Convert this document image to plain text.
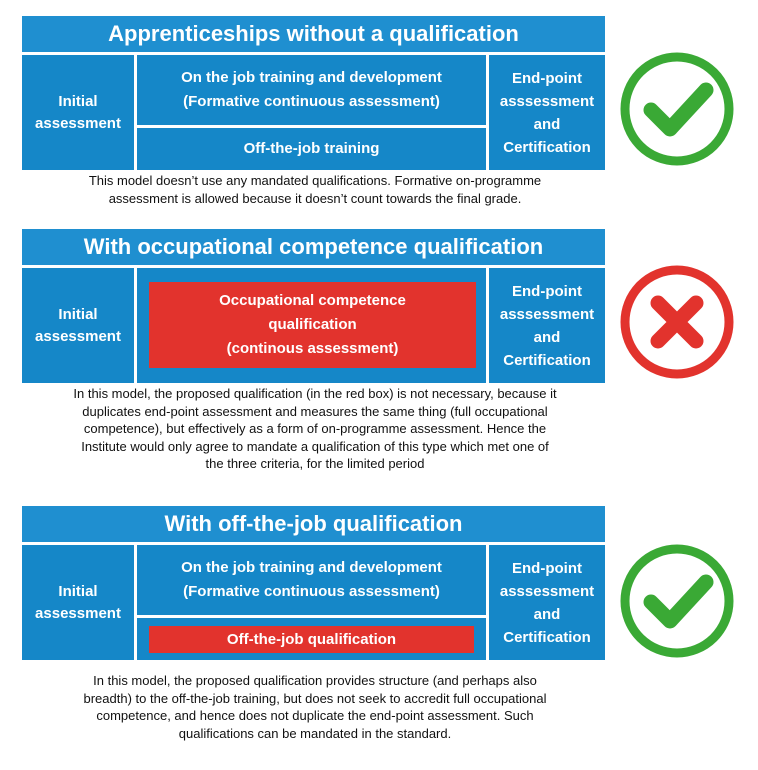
Apprenticeships without a qualification
Initial
assessment
On the job training and development
(Formative continuous assessment)
Off-the-job training
End-point
asssessment
and
Certification
This model doesn’t use any mandated qualifications. Formative on-programme
assessment is allowed because it doesn’t count towards the final grade.
With occupational competence qualification
Initial
assessment
Occupational competence
qualification
(continous assessment)
End-point
asssessment
and
Certification
In this model, the proposed qualification (in the red box) is not necessary, because it
duplicates end-point assessment and measures the same thing (full occupational
competence), but effectively as a form of on-programme assessment. Hence the
Institute would only agree to mandate a qualification of this type which met one of
the three criteria, for the limited period
With off-the-job qualification
Initial
assessment
On the job training and development
(Formative continuous assessment)
Off-the-job qualification
End-point
asssessment
and
Certification
In this model, the proposed qualification provides structure (and perhaps also
breadth) to the off-the-job training, but does not seek to accredit full occupational
competence, and hence does not duplicate the end-point assessment. Such
qualifications can be mandated in the standard.
